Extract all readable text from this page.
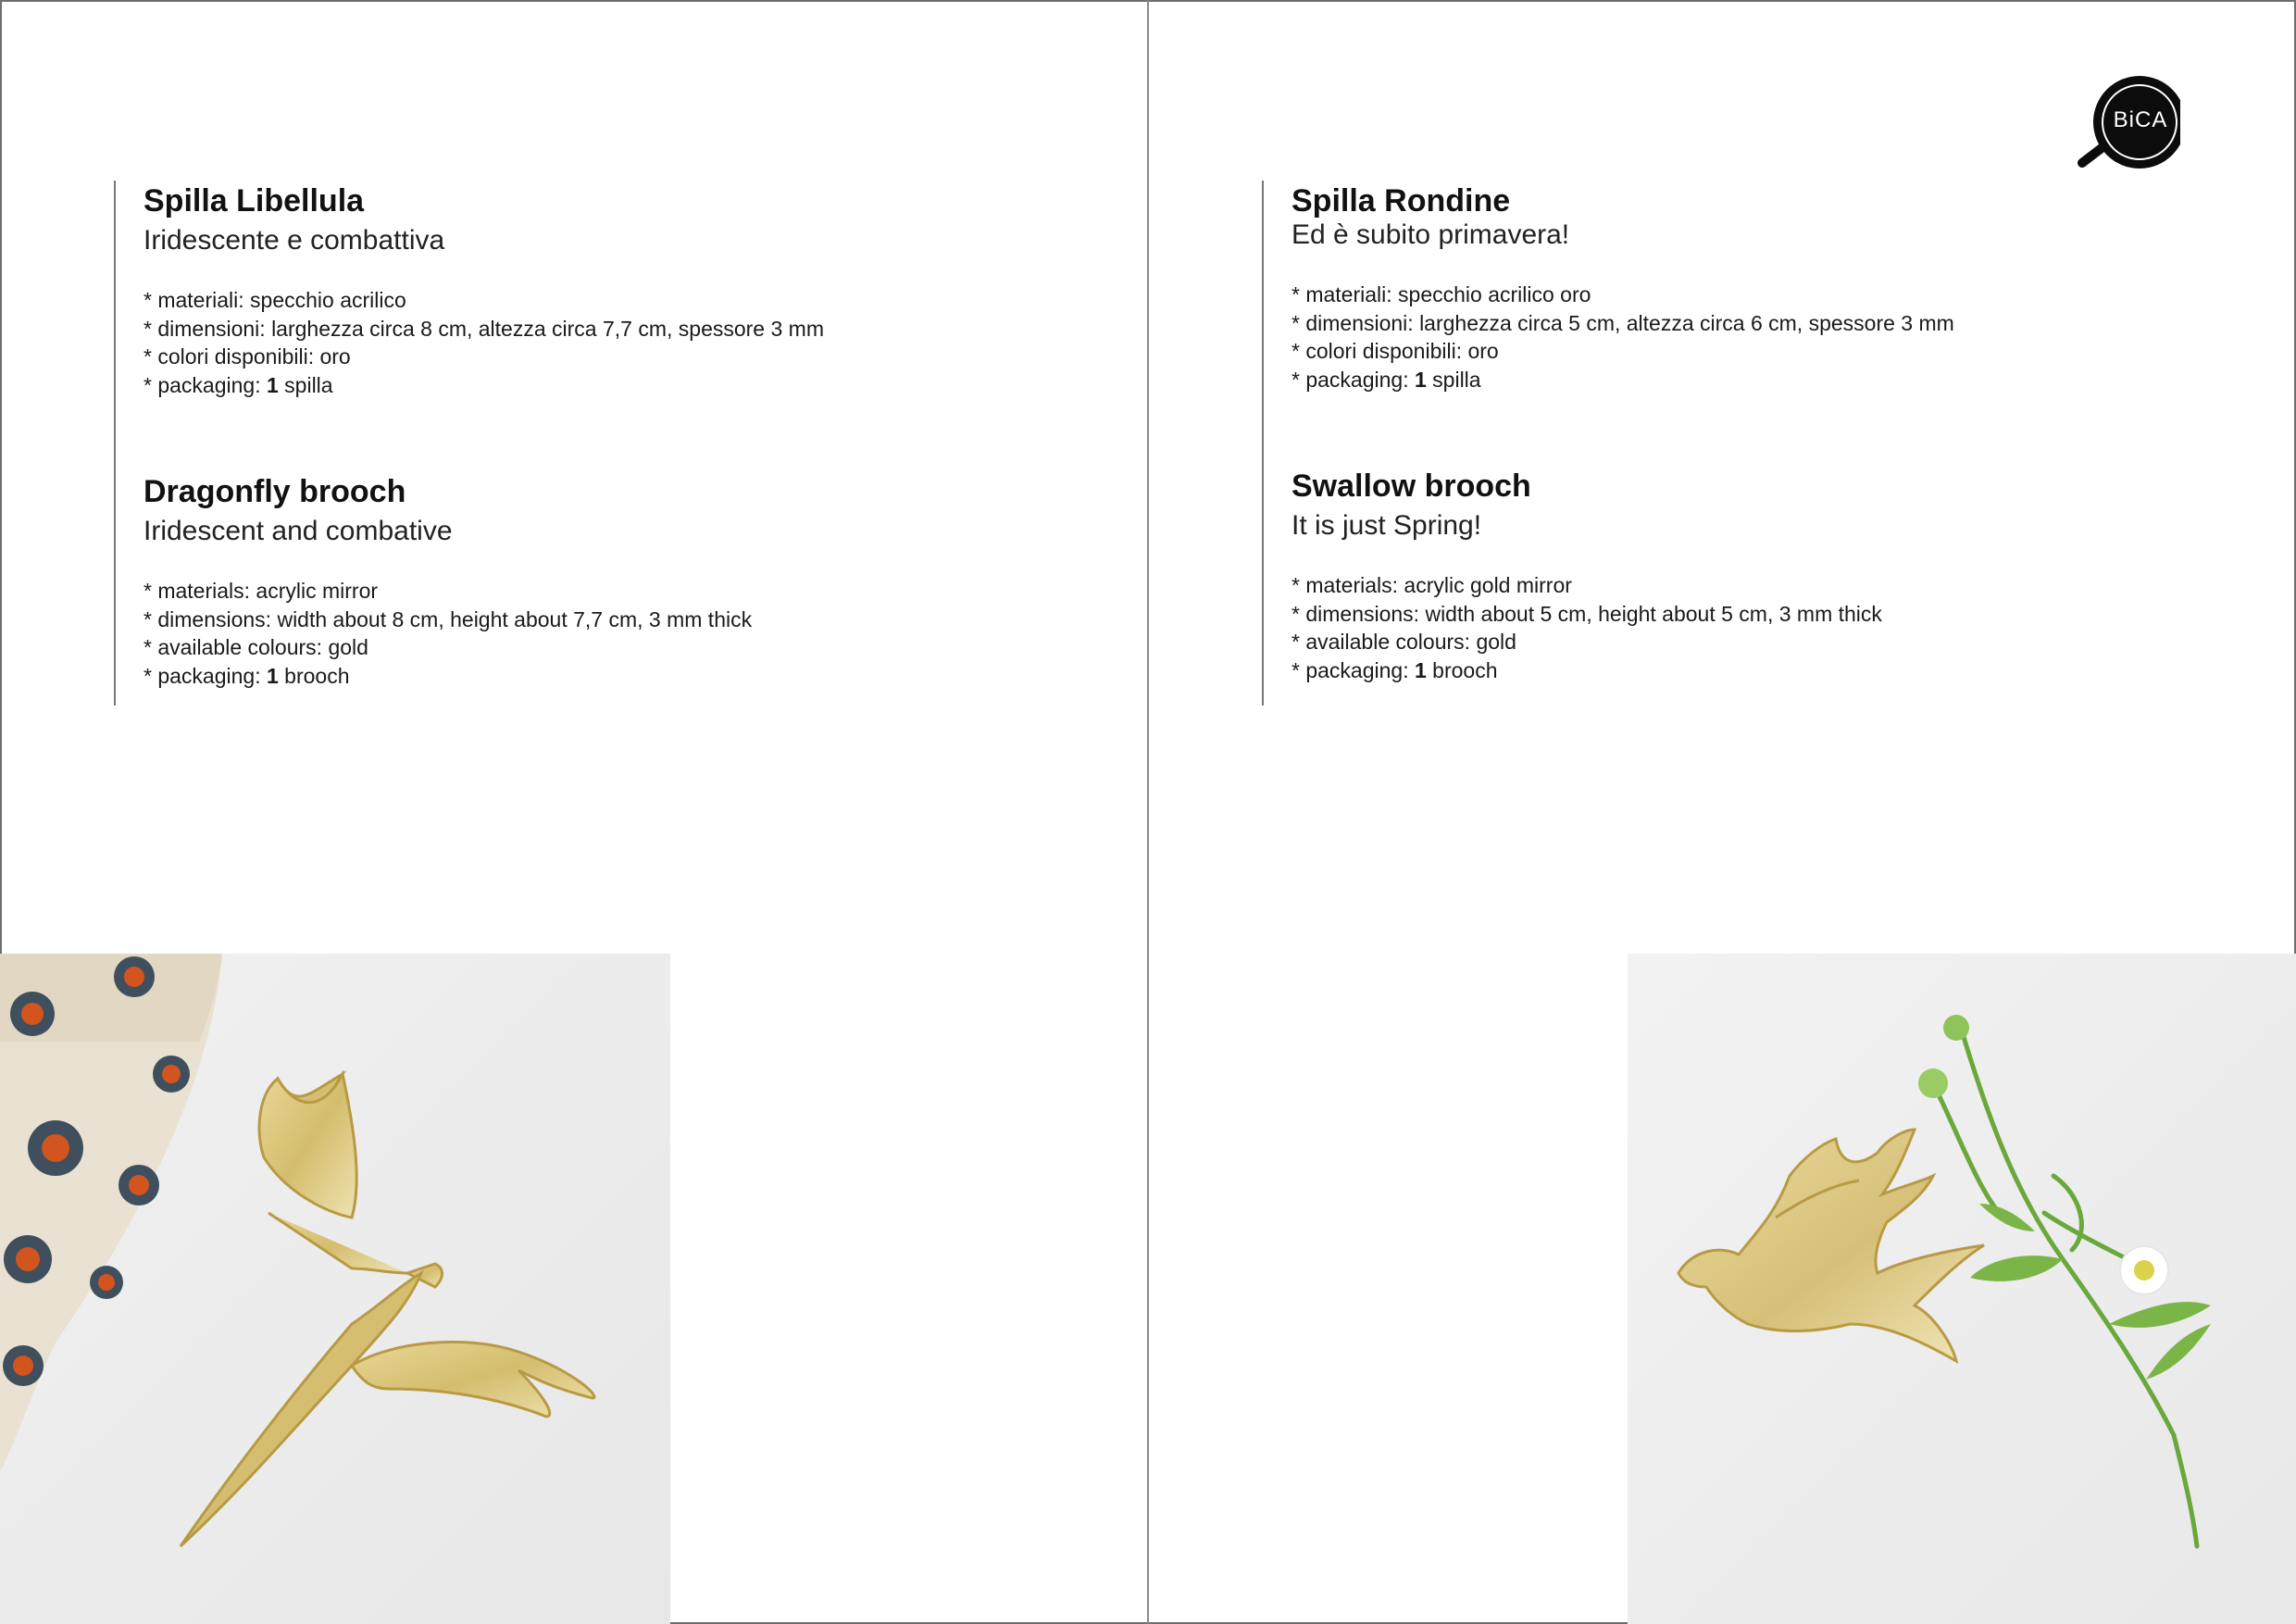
Spilla Libellula
Iridescente e combattiva
* materiali: specchio acrilico
* dimensioni: larghezza circa 8 cm, altezza circa 7,7 cm, spessore 3 mm
* colori disponibili: oro
* packaging: 1 spilla
Dragonfly brooch
Iridescent and combative
* materials: acrylic mirror
* dimensions: width about 8 cm, height about 7,7 cm, 3 mm thick
* available colours: gold
* packaging: 1 brooch
BiCA
Spilla Rondine
Ed è subito primavera!
* materiali: specchio acrilico oro
* dimensioni: larghezza circa 5 cm, altezza circa 6 cm, spessore 3 mm
* colori disponibili: oro
* packaging: 1 spilla
Swallow brooch
It is just Spring!
* materials: acrylic gold mirror
* dimensions: width about 5 cm, height about 5 cm, 3 mm thick
* available colours: gold
* packaging: 1 brooch
